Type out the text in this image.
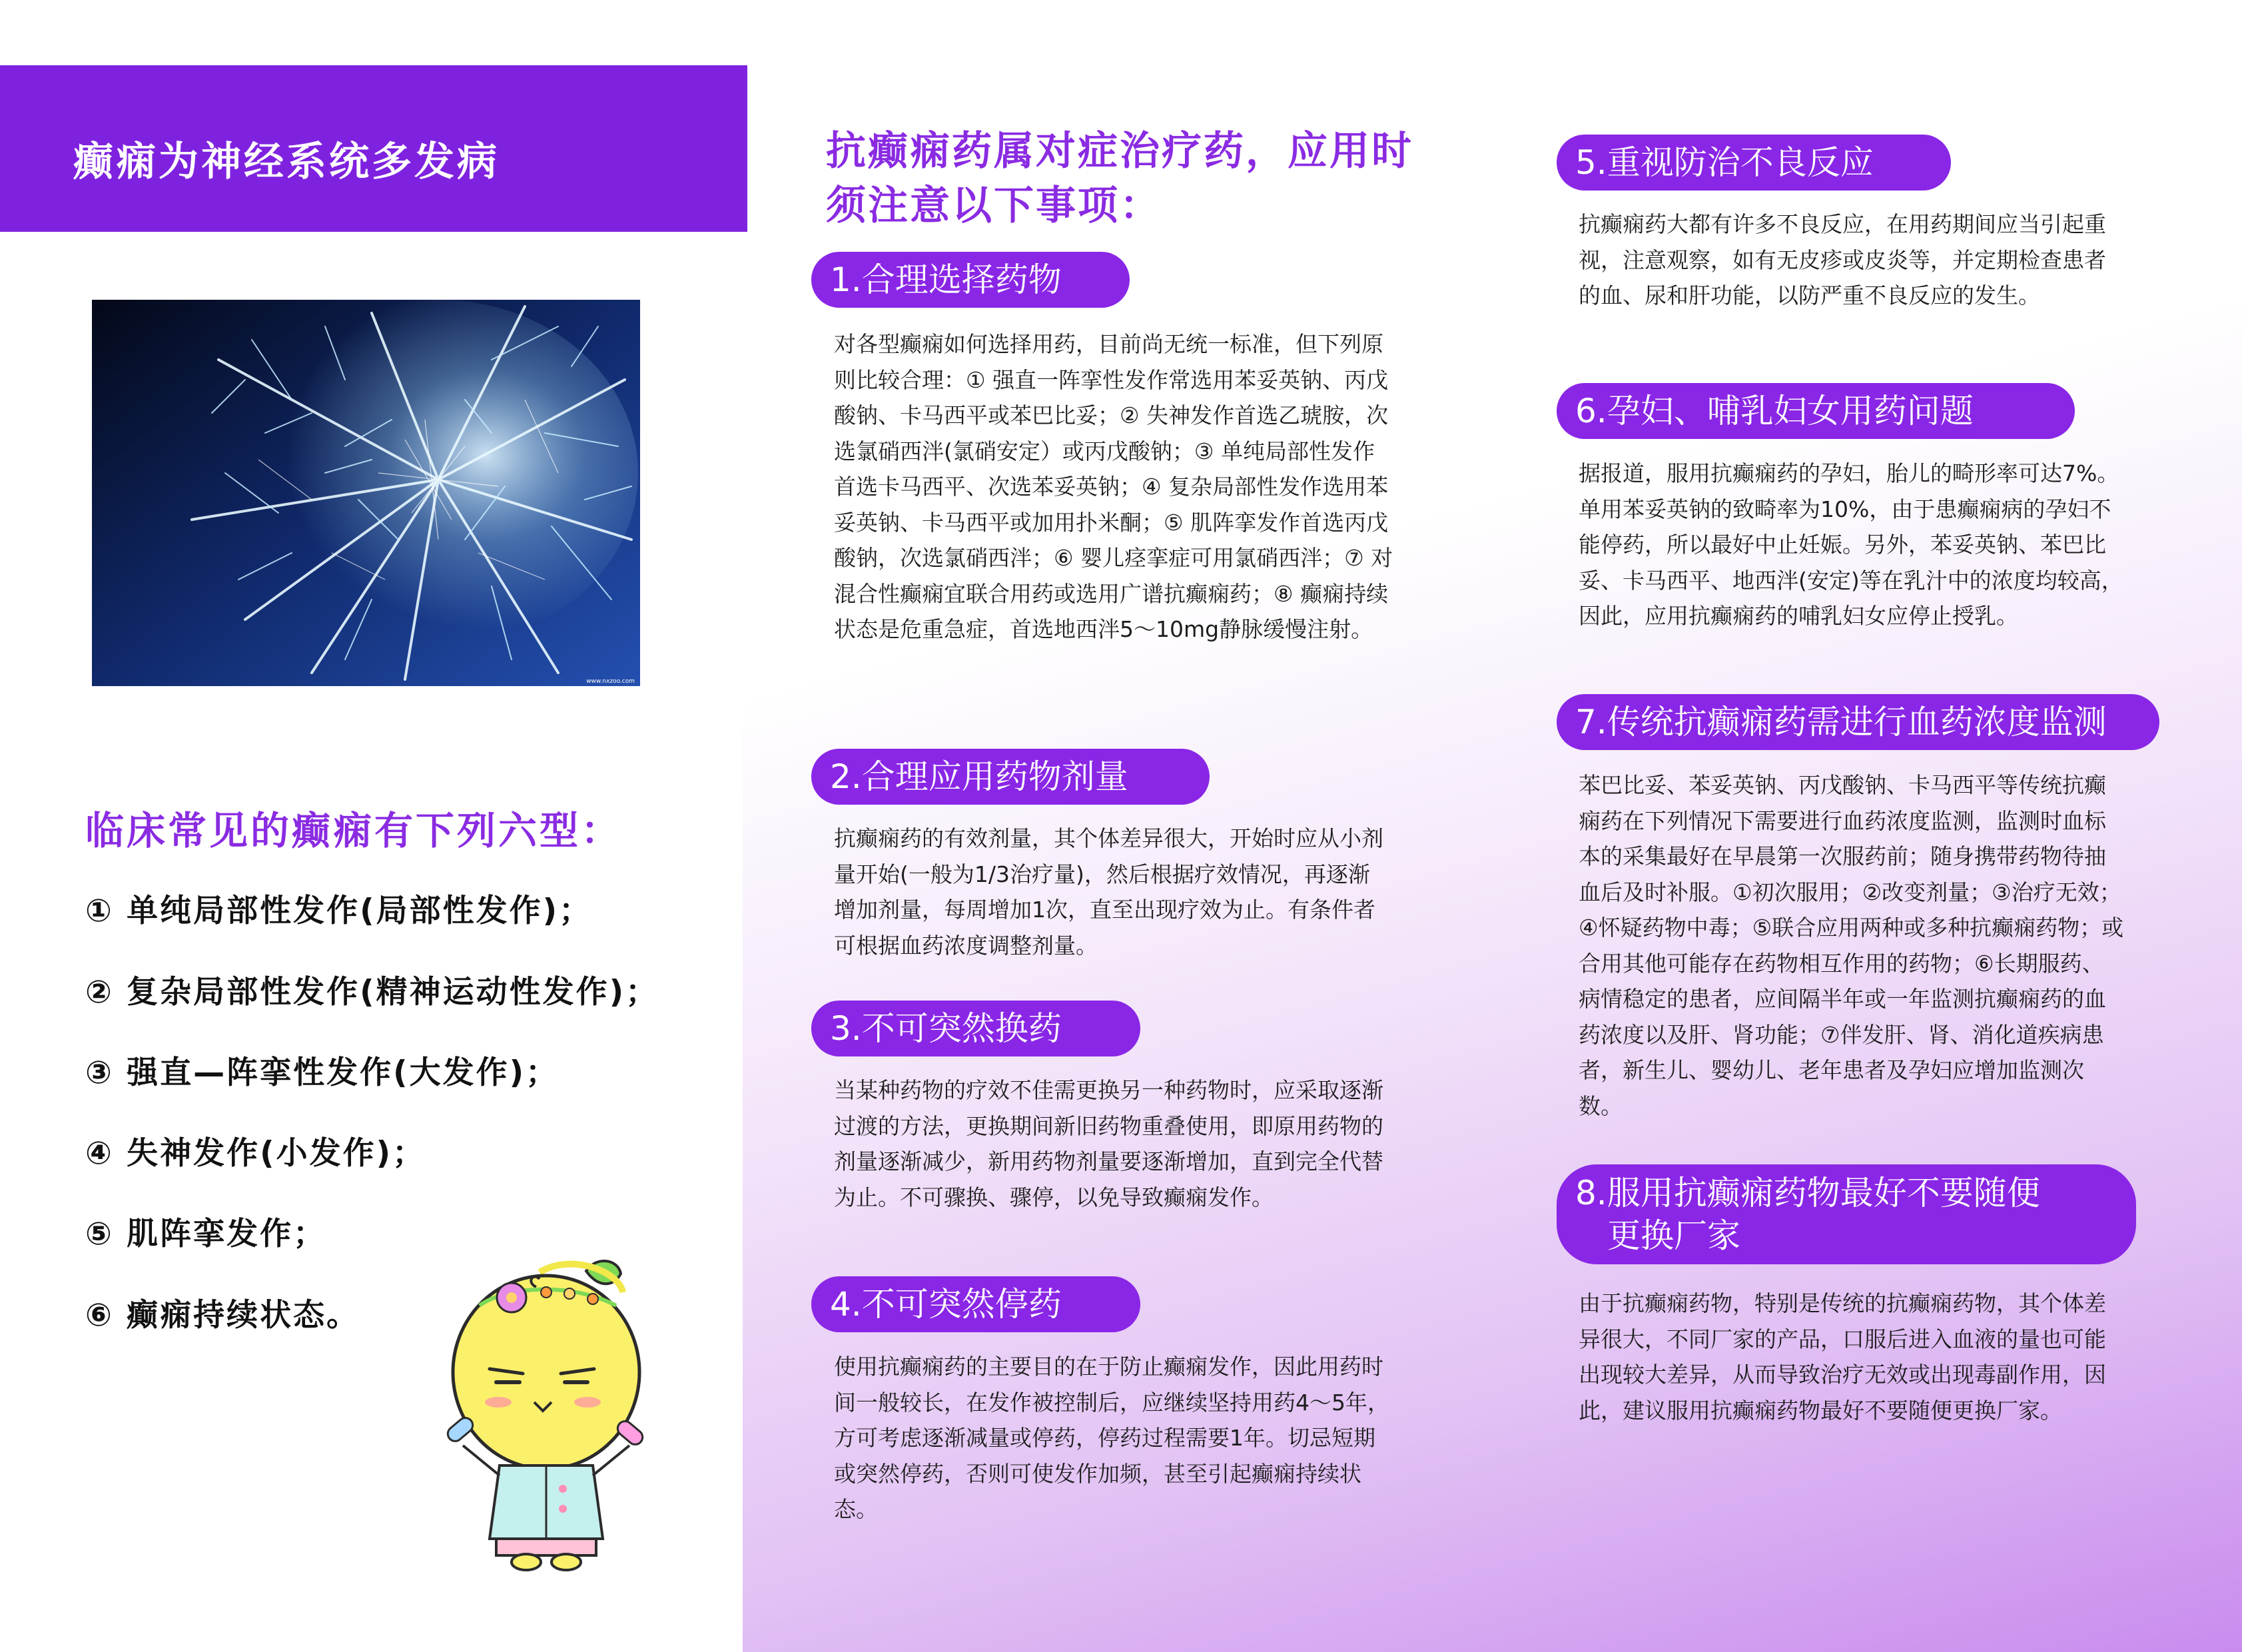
癫痫为神经系统多发病
www.nxzoo.com
临床常见的癫痫有下列六型：
① 单纯局部性发作(局部性发作)；
② 复杂局部性发作(精神运动性发作)；
③ 强直—阵挛性发作(大发作)；
④ 失神发作(小发作)；
⑤ 肌阵挛发作；
⑥ 癫痫持续状态。
抗癫痫药属对症治疗药，应用时须注意以下事项：
1.合理选择药物
对各型癫痫如何选择用药，目前尚无统一标准，但下列原则比较合理：① 强直一阵挛性发作常选用苯妥英钠、丙戊酸钠、卡马西平或苯巴比妥；② 失神发作首选乙琥胺，次选氯硝西泮(氯硝安定）或丙戊酸钠；③ 单纯局部性发作首选卡马西平、次选苯妥英钠；④ 复杂局部性发作选用苯妥英钠、卡马西平或加用扑米酮；⑤ 肌阵挛发作首选丙戊酸钠，次选氯硝西泮；⑥ 婴儿痉挛症可用氯硝西泮；⑦ 对混合性癫痫宜联合用药或选用广谱抗癫痫药；⑧ 癫痫持续状态是危重急症，首选地西泮5～10mg静脉缓慢注射。
2.合理应用药物剂量
抗癫痫药的有效剂量，其个体差异很大，开始时应从小剂量开始(一般为1/3治疗量)，然后根据疗效情况，再逐渐增加剂量，每周增加1次，直至出现疗效为止。有条件者可根据血药浓度调整剂量。
3.不可突然换药
当某种药物的疗效不佳需更换另一种药物时，应采取逐渐过渡的方法，更换期间新旧药物重叠使用，即原用药物的剂量逐渐减少，新用药物剂量要逐渐增加，直到完全代替为止。不可骤换、骤停，以免导致癫痫发作。
4.不可突然停药
使用抗癫痫药的主要目的在于防止癫痫发作，因此用药时间一般较长，在发作被控制后，应继续坚持用药4～5年，方可考虑逐渐减量或停药，停药过程需要1年。切忌短期或突然停药，否则可使发作加频，甚至引起癫痫持续状态。
5.重视防治不良反应
抗癫痫药大都有许多不良反应，在用药期间应当引起重视，注意观察，如有无皮疹或皮炎等，并定期检查患者的血、尿和肝功能，以防严重不良反应的发生。
6.孕妇、哺乳妇女用药问题
据报道，服用抗癫痫药的孕妇，胎儿的畸形率可达7%。单用苯妥英钠的致畸率为10%，由于患癫痫病的孕妇不能停药，所以最好中止妊娠。另外，苯妥英钠、苯巴比妥、卡马西平、地西泮(安定)等在乳汁中的浓度均较高，因此，应用抗癫痫药的哺乳妇女应停止授乳。
7.传统抗癫痫药需进行血药浓度监测
苯巴比妥、苯妥英钠、丙戊酸钠、卡马西平等传统抗癫痫药在下列情况下需要进行血药浓度监测，监测时血标本的采集最好在早晨第一次服药前；随身携带药物待抽血后及时补服。①初次服用；②改变剂量；③治疗无效；④怀疑药物中毒；⑤联合应用两种或多种抗癫痫药物；或合用其他可能存在药物相互作用的药物；⑥长期服药、病情稳定的患者，应间隔半年或一年监测抗癫痫药的血药浓度以及肝、肾功能；⑦伴发肝、肾、消化道疾病患者，新生儿、婴幼儿、老年患者及孕妇应增加监测次数。
8.服用抗癫痫药物最好不要随便
更换厂家
由于抗癫痫药物，特别是传统的抗癫痫药物，其个体差异很大，不同厂家的产品，口服后进入血液的量也可能出现较大差异，从而导致治疗无效或出现毒副作用，因此，建议服用抗癫痫药物最好不要随便更换厂家。
